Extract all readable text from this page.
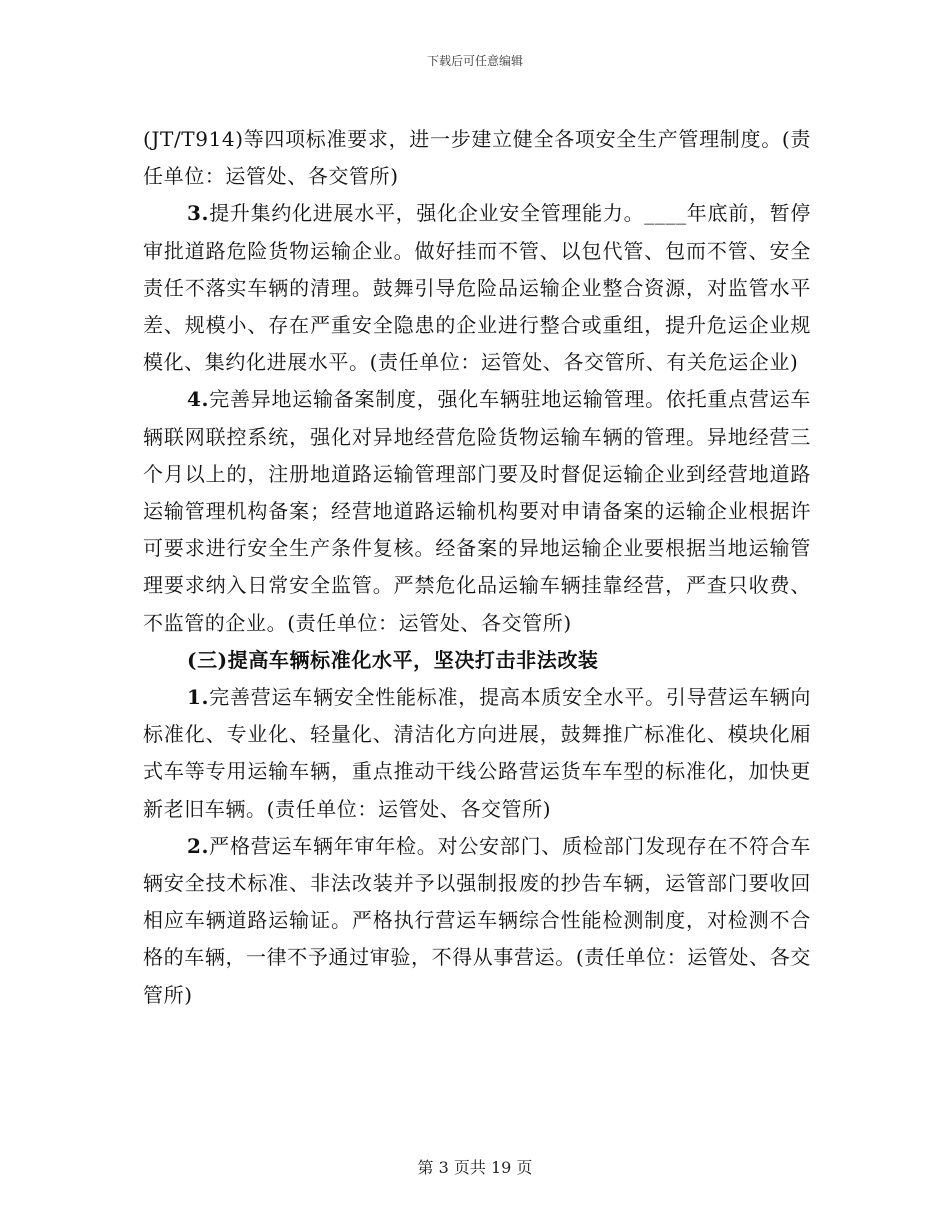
下载后可任意编辑

(JT/T914)等四项标准要求，进一步建立健全各项安全生产管理制度。(责任单位：运管处、各交管所)

3.提升集约化进展水平，强化企业安全管理能力。____年底前，暂停审批道路危险货物运输企业。做好挂而不管、以包代管、包而不管、安全责任不落实车辆的清理。鼓舞引导危险品运输企业整合资源，对监管水平差、规模小、存在严重安全隐患的企业进行整合或重组，提升危运企业规模化、集约化进展水平。(责任单位：运管处、各交管所、有关危运企业)

4.完善异地运输备案制度，强化车辆驻地运输管理。依托重点营运车辆联网联控系统，强化对异地经营危险货物运输车辆的管理。异地经营三个月以上的，注册地道路运输管理部门要及时督促运输企业到经营地道路运输管理机构备案；经营地道路运输机构要对申请备案的运输企业根据许可要求进行安全生产条件复核。经备案的异地运输企业要根据当地运输管理要求纳入日常安全监管。严禁危化品运输车辆挂靠经营，严查只收费、不监管的企业。(责任单位：运管处、各交管所)

(三)提高车辆标准化水平，坚决打击非法改装

1.完善营运车辆安全性能标准，提高本质安全水平。引导营运车辆向标准化、专业化、轻量化、清洁化方向进展，鼓舞推广标准化、模块化厢式车等专用运输车辆，重点推动干线公路营运货车车型的标准化，加快更新老旧车辆。(责任单位：运管处、各交管所)

2.严格营运车辆年审年检。对公安部门、质检部门发现存在不符合车辆安全技术标准、非法改装并予以强制报废的抄告车辆，运管部门要收回相应车辆道路运输证。严格执行营运车辆综合性能检测制度，对检测不合格的车辆，一律不予通过审验，不得从事营运。(责任单位：运管处、各交管所)

第 3 页共 19 页
